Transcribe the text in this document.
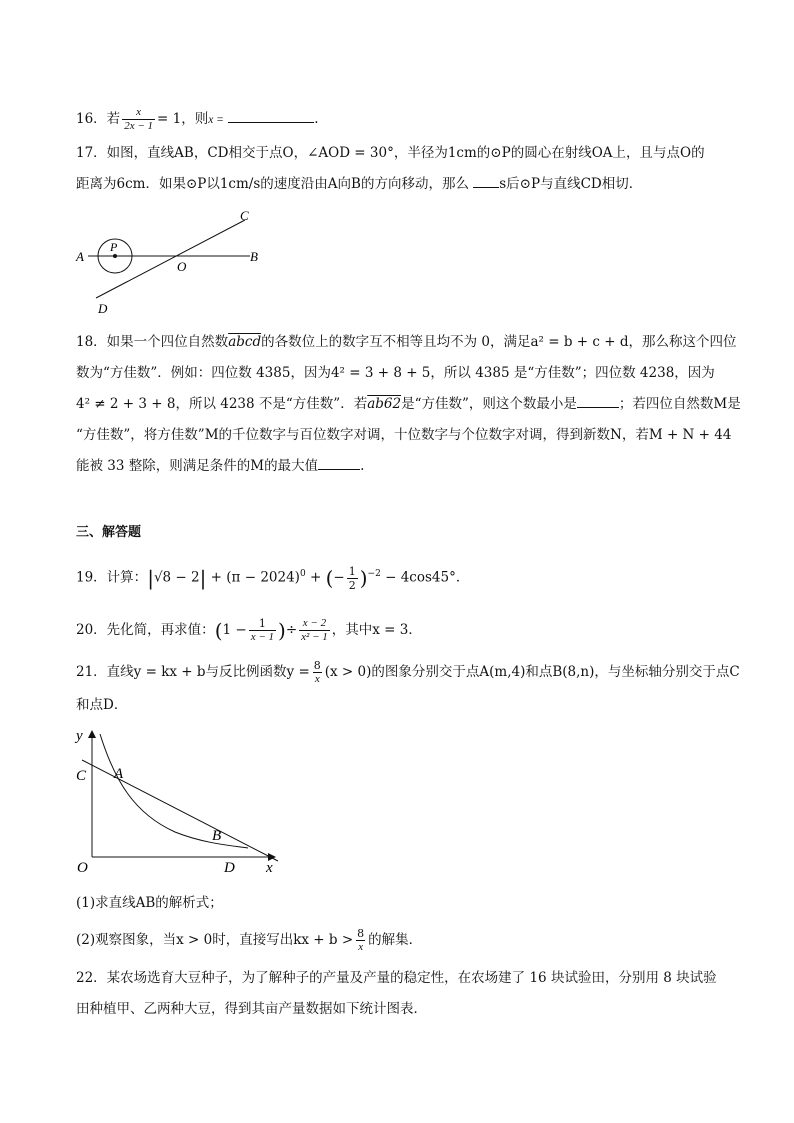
16．若 $\frac{x}{2x - 1} = 1$，则x =	.
17．如图，直线AB，CD相交于点O，∠AOD = 30°，半径为1cm的⊙P的圆心在射线OA上，且与点O的
距离为6cm．如果⊙P以1cm/s的速度沿由A向B的方向移动，那么 s后⊙P与直线CD相切．
A	B
C
D
O
P
18．如果一个四位自然数abcd的各数位上的数字互不相等且均不为 0，满足a² = b + c + d，那么称这个四位
数为“方佳数”．例如：四位数 4385，因为4² = 3 + 8 + 5，所以 4385 是“方佳数”；四位数 4238，因为
4² ≠ 2 + 3 + 8，所以 4238 不是“方佳数”．若ab62是“方佳数”，则这个数最小是	；若四位自然数M是
“方佳数”，将方佳数”M的千位数字与百位数字对调，十位数字与个位数字对调，得到新数N，若M + N + 44
能被 33 整除，则满足条件的M的最大值	.
三、解答题
19．计算：$|√8 - 2| + (\pi - 2024)^0$ + (− $\frac{1}{2} )^{-2} - 4\cos 45^\circ$．
20．先化简，再求值：($1 - \frac{1}{x - 1}$ )÷ $\frac{x - 2}{\text{x² − 1}}$ ，其中x = 3．
21．直线y = kx + b与反比例函数$y = \frac{8}{x} (x > 0)$的图象分别交于点A(m,4)和点B(8,n)，与坐标轴分别交于点C
和点D．
y
x
C A
B
O	D
(1)求直线AB的解析式；
(2)观察图象，当x > 0时，直接写出kx + $b > \frac{8}{x}$ 的解集．
22．某农场选育大豆种子，为了解种子的产量及产量的稳定性，在农场建了 16 块试验田，分别用 8 块试验
田种植甲、乙两种大豆，得到其亩产量数据如下统计图表．
